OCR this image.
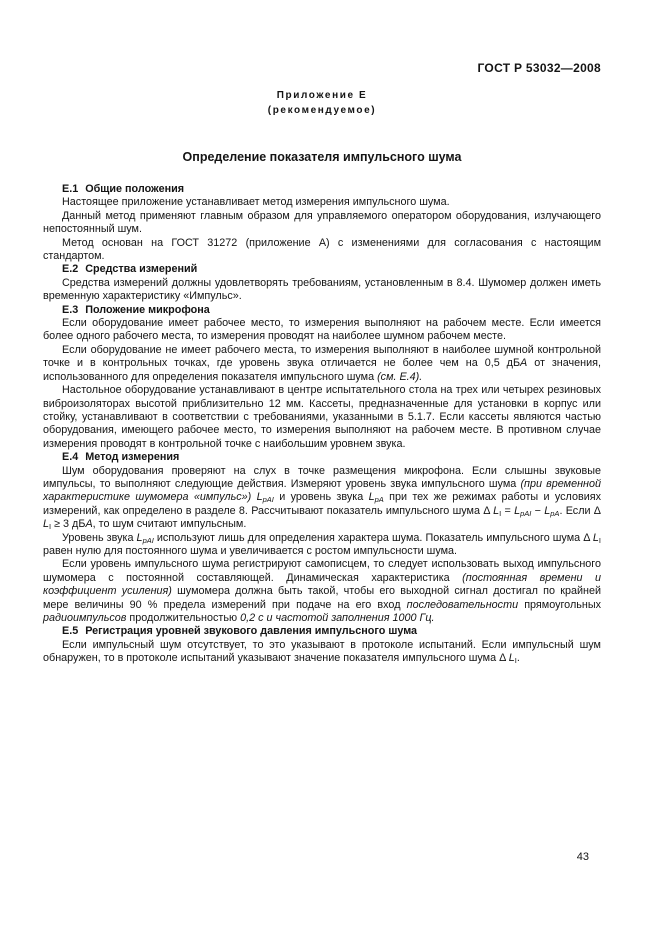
ГОСТ Р 53032—2008
Приложение Е
(рекомендуемое)
Определение показателя импульсного шума
Е.1 Общие положения

Настоящее приложение устанавливает метод измерения импульсного шума.

Данный метод применяют главным образом для управляемого оператором оборудования, излучающего непостоянный шум.

Метод основан на ГОСТ 31272 (приложение А) с изменениями для согласования с настоящим стандартом.

Е.2 Средства измерений

Средства измерений должны удовлетворять требованиям, установленным в 8.4. Шумомер должен иметь временную характеристику «Импульс».

Е.3 Положение микрофона

Если оборудование имеет рабочее место, то измерения выполняют на рабочем месте. Если имеется более одного рабочего места, то измерения проводят на наиболее шумном рабочем месте.

Если оборудование не имеет рабочего места, то измерения выполняют в наиболее шумной контрольной точке и в контрольных точках, где уровень звука отличается не более чем на 0,5 дБА от значения, использованного для определения показателя импульсного шума (см. Е.4).

Настольное оборудование устанавливают в центре испытательного стола на трех или четырех резиновых виброизоляторах высотой приблизительно 12 мм. Кассеты, предназначенные для установки в корпус или стойку, устанавливают в соответствии с требованиями, указанными в 5.1.7. Если кассеты являются частью оборудования, имеющего рабочее место, то измерения выполняют на рабочем месте. В противном случае измерения проводят в контрольной точке с наибольшим уровнем звука.

Е.4 Метод измерения

Шум оборудования проверяют на слух в точке размещения микрофона. Если слышны звуковые импульсы, то выполняют следующие действия. Измеряют уровень звука импульсного шума (при временной характеристике шумомера «импульс») $L_{pAI}$ и уровень звука $L_{pA}$ при тех же режимах работы и условиях измерений, как определено в разделе 8. Рассчитывают показатель импульсного шума Δ $L_I = L_{pAI} - L_{pA}$. Если Δ $L_I \ge 3$ дБА, то шум считают импульсным.

Уровень звука $L_{pAI}$ используют лишь для определения характера шума. Показатель импульсного шума Δ $L_I$ равен нулю для постоянного шума и увеличивается с ростом импульсности шума.

Если уровень импульсного шума регистрируют самописцем, то следует использовать выход импульсного шумомера с постоянной составляющей. Динамическая характеристика (постоянная времени и коэффициент усиления) шумомера должна быть такой, чтобы его выходной сигнал достигал по крайней мере величины 90 % предела измерений при подаче на его вход последовательности прямоугольных радиоимпульсов продолжительностью 0,2 с и частотой заполнения 1000 Гц.

Е.5 Регистрация уровней звукового давления импульсного шума

Если импульсный шум отсутствует, то это указывают в протоколе испытаний. Если импульсный шум обнаружен, то в протоколе испытаний указывают значение показателя импульсного шума Δ $L_I$.

43
